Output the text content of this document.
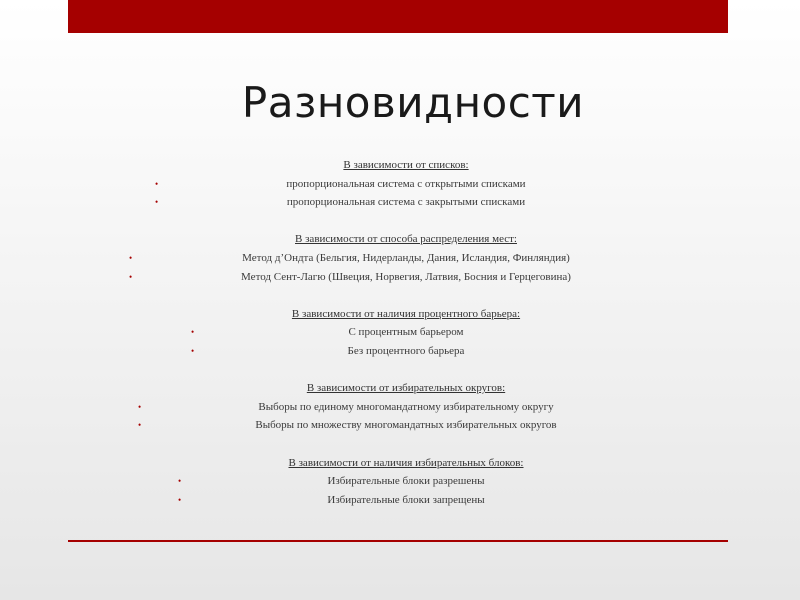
Разновидности
В зависимости от списков:
•	пропорциональная система с открытыми списками
•	пропорциональная система с закрытыми списками
В зависимости от способа распределения мест:
•	Метод д’Ондта (Бельгия, Нидерланды, Дания, Исландия, Финляндия)
•	Метод Сент-Лагю (Швеция, Норвегия, Латвия, Босния и Герцеговина)
В зависимости от наличия процентного барьера:
•	С процентным барьером
•	Без процентного барьера
В зависимости от избирательных округов:
•	Выборы по единому многомандатному избирательному округу
•	Выборы по множеству многомандатных избирательных округов
В зависимости от наличия избирательных блоков:
•	Избирательные блоки разрешены
•	Избирательные блоки запрещены
